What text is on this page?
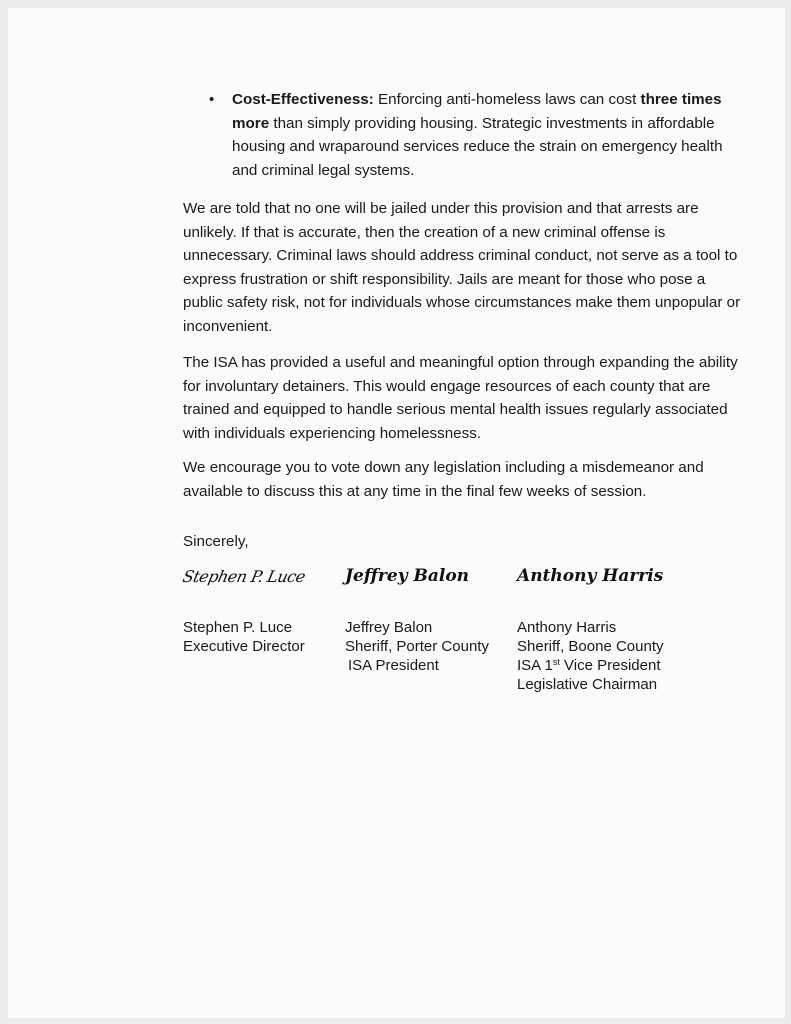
• Cost-Effectiveness: Enforcing anti-homeless laws can cost three times more than simply providing housing. Strategic investments in affordable housing and wraparound services reduce the strain on emergency health and criminal legal systems.

We are told that no one will be jailed under this provision and that arrests are unlikely. If that is accurate, then the creation of a new criminal offense is unnecessary. Criminal laws should address criminal conduct, not serve as a tool to express frustration or shift responsibility. Jails are meant for those who pose a public safety risk, not for individuals whose circumstances make them unpopular or inconvenient.

The ISA has provided a useful and meaningful option through expanding the ability for involuntary detainers. This would engage resources of each county that are trained and equipped to handle serious mental health issues regularly associated with individuals experiencing homelessness.

We encourage you to vote down any legislation including a misdemeanor and available to discuss this at any time in the final few weeks of session.

Sincerely,
Stephen P. Luce Jeffrey Balon	Anthony Harris
Stephen P. Luce
Executive Director
Jeffrey Balon
Sheriff, Porter County
ISA President
Anthony Harris
Sheriff, Boone County
ISA 1st Vice President
Legislative Chairman
